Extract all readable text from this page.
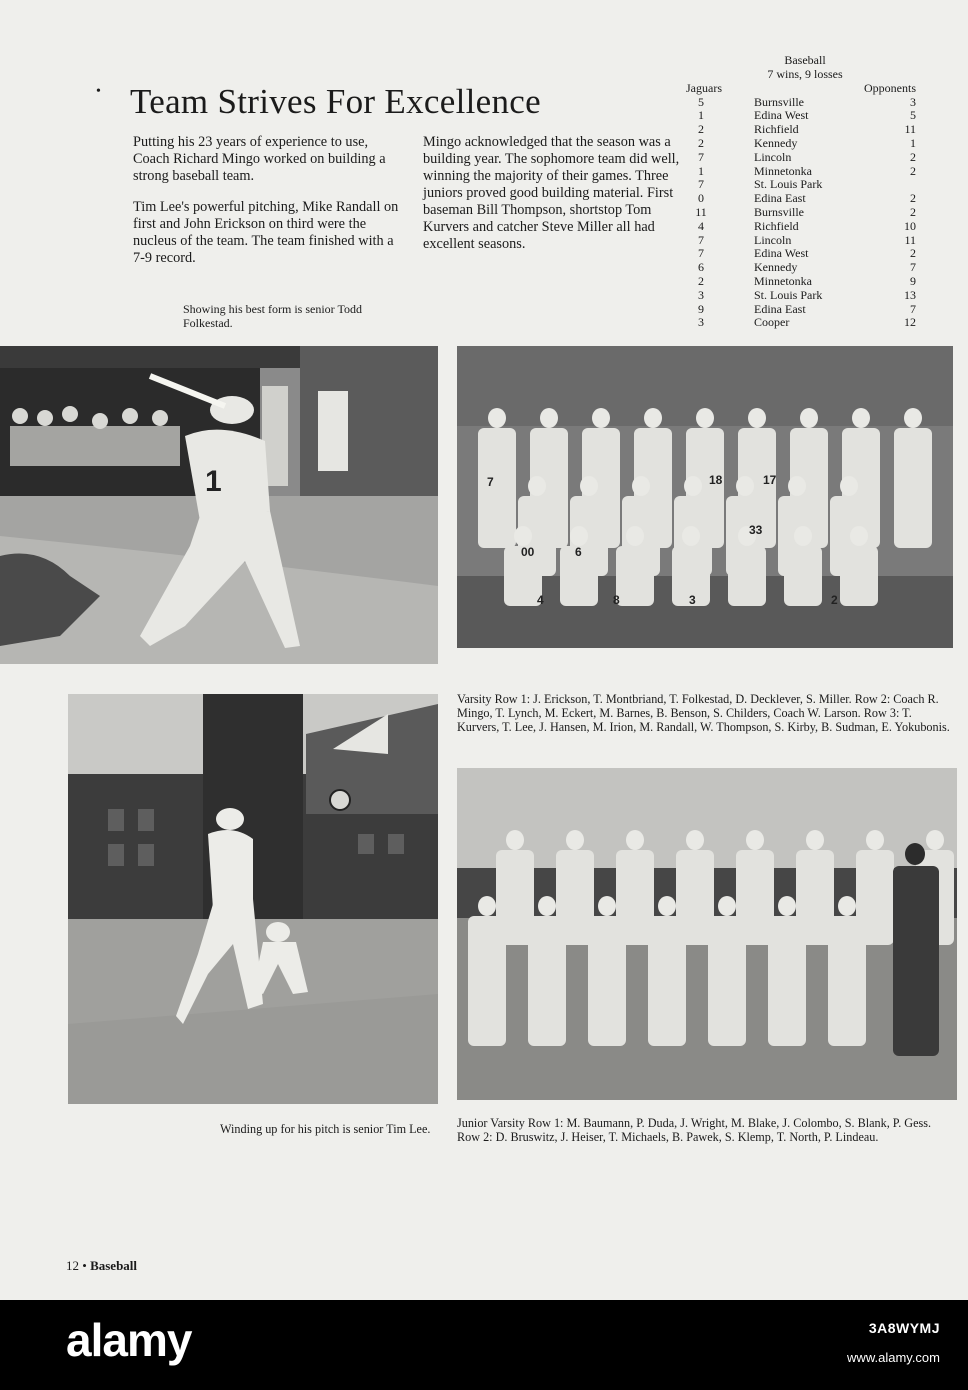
• Team Strives For Excellence

Putting his 23 years of experience to use, Coach Richard Mingo worked on building a strong baseball team.

Tim Lee's powerful pitching, Mike Randall on first and John Erickson on third were the nucleus of the team. The team finished with a 7-9 record.

Mingo acknowledged that the season was a building year. The sophomore team did well, winning the majority of their games. Three juniors proved good building material. First baseman Bill Thompson, shortstop Tom Kurvers and catcher Steve Miller all had excellent seasons.

Showing his best form is senior Todd Folkestad.

Baseball
7 wins, 9 losses
Jaguars	Opponents
5	Burnsville	3
1	Edina West	5
2	Richfield	11
2	Kennedy	1
7	Lincoln	2
1	Minnetonka	2
7	St. Louis Park
0	Edina East	2
11	Burnsville	2
4	Richfield	10
7	Lincoln	11
7	Edina West	2
6	Kennedy	7
2	Minnetonka	9
3	St. Louis Park	13
9	Edina East	7
3	Cooper	12
1	7	18	17
00	6
33
4	8	3	2

Varsity Row 1: J. Erickson, T. Montbriand, T. Folkestad, D. Decklever, S. Miller. Row 2: Coach R. Mingo, T. Lynch, M. Eckert, M. Barnes, B. Benson, S. Childers, Coach W. Larson. Row 3: T. Kurvers, T. Lee, J. Hansen, M. Irion, M. Randall, W. Thompson, S. Kirby, B. Sudman, E. Yokubonis.

Winding up for his pitch is senior Tim Lee.	Junior Varsity Row 1: M. Baumann, P. Duda, J. Wright, M. Blake, J. Colombo, S. Blank, P. Gess. Row 2: D. Bruswitz, J. Heiser, T. Michaels, B. Pawek, S. Klemp, T. North, P. Lindeau.

12 • Baseball
alamy	3A8WYMJ
www.alamy.com
